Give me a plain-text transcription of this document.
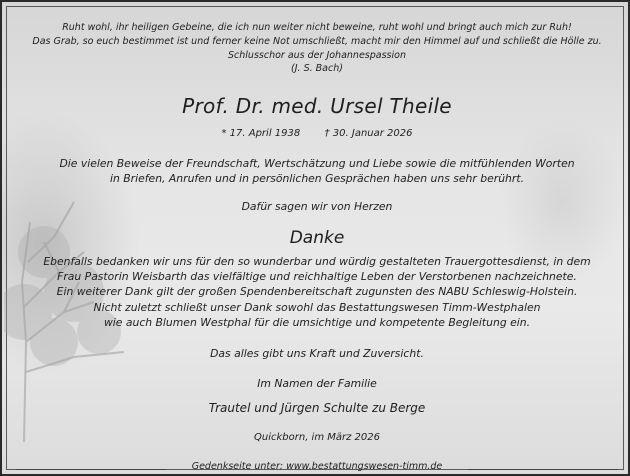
Ruht wohl, ihr heiligen Gebeine, die ich nun weiter nicht beweine, ruht wohl und bringt auch mich zur Ruh!
Das Grab, so euch bestimmet ist und ferner keine Not umschließt, macht mir den Himmel auf und schließt die Hölle zu.
Schlusschor aus der Johannespassion
(J. S. Bach)
Prof. Dr. med. Ursel Theile
* 17. April 1938 † 30. Januar 2026
Die vielen Beweise der Freundschaft, Wertschätzung und Liebe sowie die mitfühlenden Worten
in Briefen, Anrufen und in persönlichen Gesprächen haben uns sehr berührt.
Dafür sagen wir von Herzen
Danke
Ebenfalls bedanken wir uns für den so wunderbar und würdig gestalteten Trauergottesdienst, in dem
Frau Pastorin Weisbarth das vielfältige und reichhaltige Leben der Verstorbenen nachzeichnete.
Ein weiterer Dank gilt der großen Spendenbereitschaft zugunsten des NABU Schleswig-Holstein.
Nicht zuletzt schließt unser Dank sowohl das Bestattungswesen Timm-Westphalen
wie auch Blumen Westphal für die umsichtige und kompetente Begleitung ein.
Das alles gibt uns Kraft und Zuversicht.
Im Namen der Familie
Trautel und Jürgen Schulte zu Berge
Quickborn, im März 2026
Gedenkseite unter: www.bestattungswesen-timm.de
